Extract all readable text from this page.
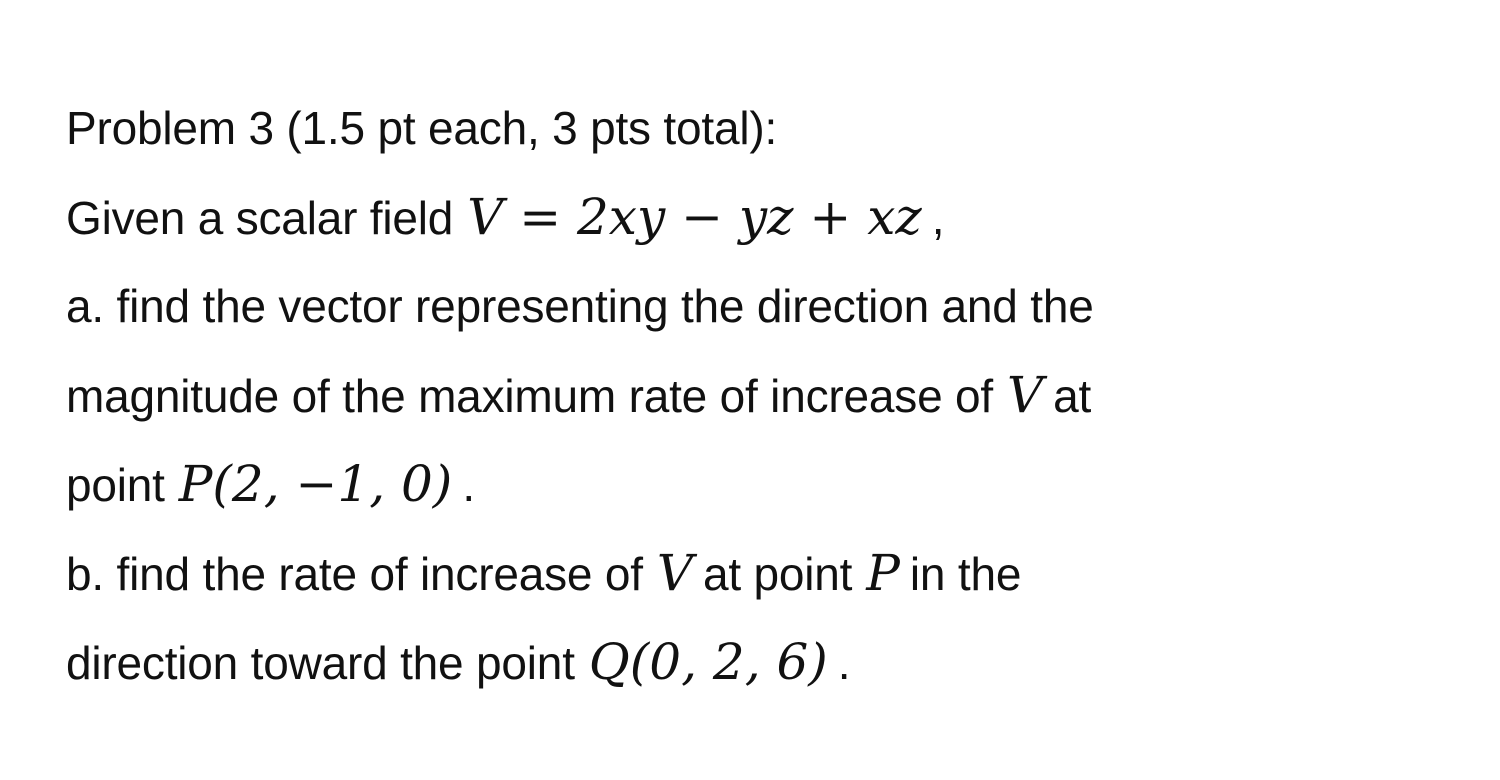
Problem 3 (1.5 pt each, 3 pts total):
Given a scalar field V = 2xy − yz + xz ,
a. find the vector representing the direction and the
magnitude of the maximum rate of increase of V at
point P(2, −1, 0) .
b. find the rate of increase of V at point P in the
direction toward the point Q(0, 2, 6) .
